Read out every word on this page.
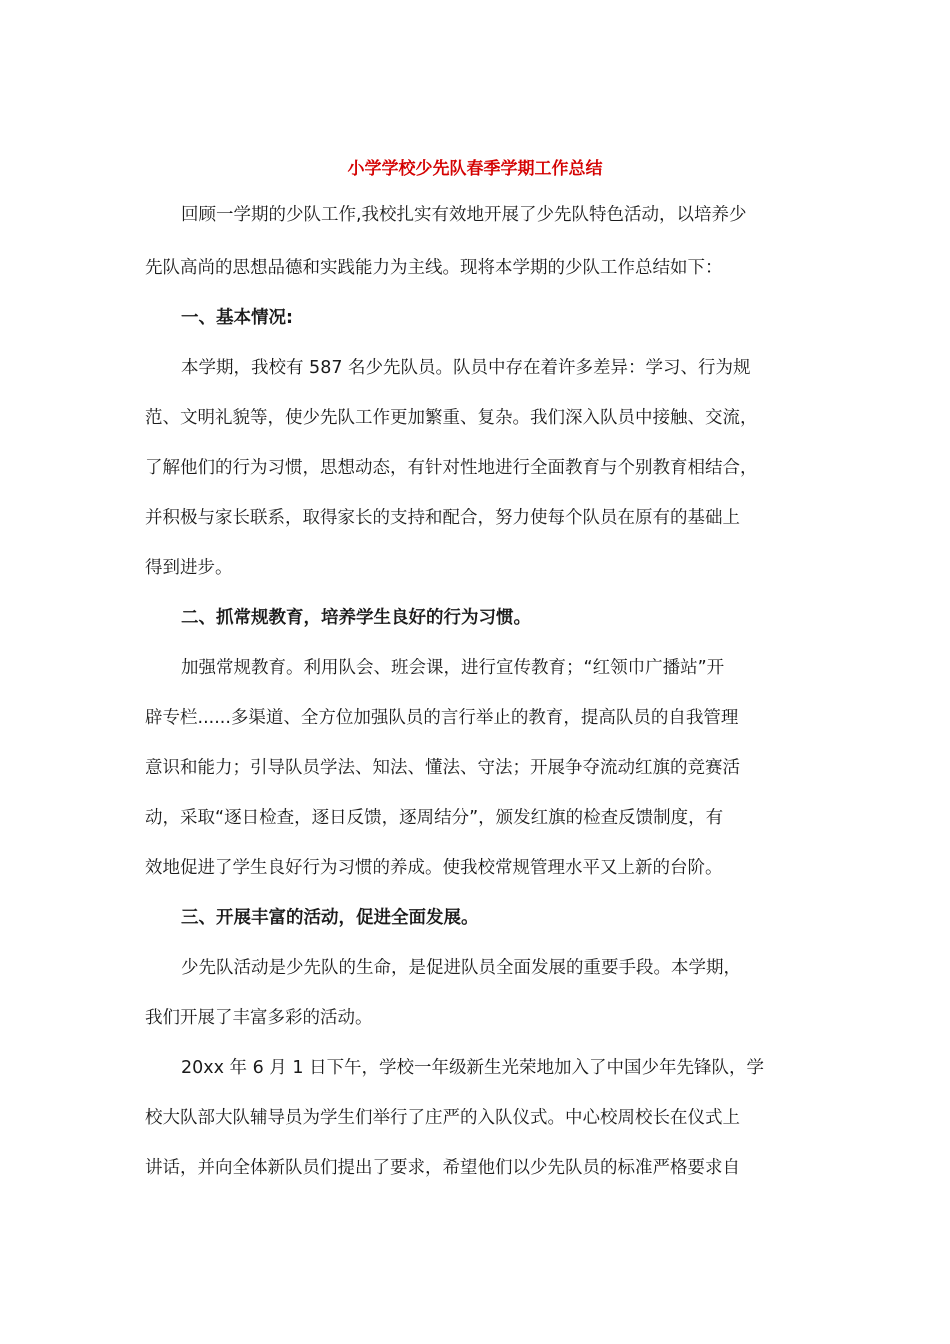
小学学校少先队春季学期工作总结
回顾一学期的少队工作,我校扎实有效地开展了少先队特色活动，以培养少
先队高尚的思想品德和实践能力为主线。现将本学期的少队工作总结如下：
一、基本情况:
本学期，我校有 587 名少先队员。队员中存在着许多差异：学习、行为规
范、文明礼貌等，使少先队工作更加繁重、复杂。我们深入队员中接触、交流，
了解他们的行为习惯，思想动态，有针对性地进行全面教育与个别教育相结合，
并积极与家长联系，取得家长的支持和配合，努力使每个队员在原有的基础上
得到进步。
二、抓常规教育，培养学生良好的行为习惯。
加强常规教育。利用队会、班会课，进行宣传教育；“红领巾广播站”开
辟专栏......多渠道、全方位加强队员的言行举止的教育，提高队员的自我管理
意识和能力；引导队员学法、知法、懂法、守法；开展争夺流动红旗的竞赛活
动，采取“逐日检查，逐日反馈，逐周结分”，颁发红旗的检查反馈制度，有
效地促进了学生良好行为习惯的养成。使我校常规管理水平又上新的台阶。
三、开展丰富的活动，促进全面发展。
少先队活动是少先队的生命，是促进队员全面发展的重要手段。本学期，
我们开展了丰富多彩的活动。
20xx 年 6 月 1 日下午，学校一年级新生光荣地加入了中国少年先锋队，学
校大队部大队辅导员为学生们举行了庄严的入队仪式。中心校周校长在仪式上
讲话，并向全体新队员们提出了要求，希望他们以少先队员的标准严格要求自
